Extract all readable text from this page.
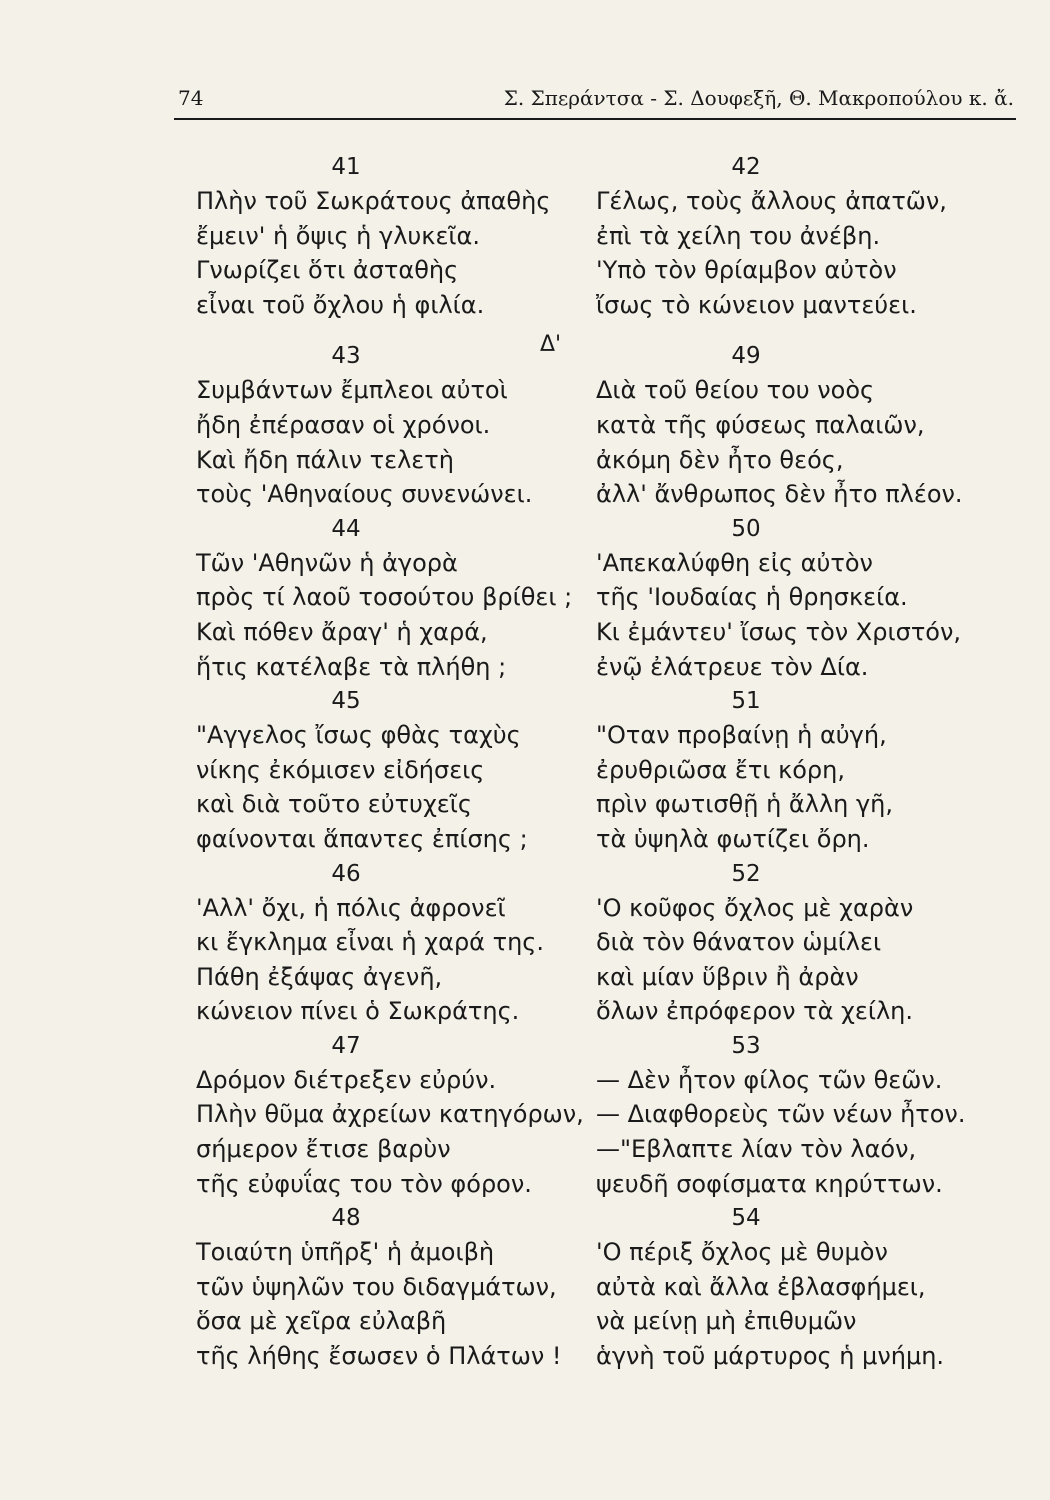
74	Σ. Σπεράντσα - Σ. Δουφεξῆ, Θ. Μακροπούλου κ. ἄ.
Δ'
41
Πλὴν τοῦ Σωκράτους ἀπαθὴς
ἔμειν' ἡ ὄψις ἡ γλυκεῖα.
Γνωρίζει ὅτι ἀσταθὴς
εἶναι τοῦ ὄχλου ἡ φιλία.
43
Συμβάντων ἔμπλεοι αὐτοὶ
ἤδη ἐπέρασαν οἱ χρόνοι.
Καὶ ἤδη πάλιν τελετὴ
τοὺς 'Αθηναίους συνενώνει.
44
Τῶν 'Αθηνῶν ἡ ἀγορὰ
πρὸς τί λαοῦ τοσούτου βρίθει ;
Καὶ πόθεν ἄραγ' ἡ χαρά,
ἥτις κατέλαβε τὰ πλήθη ;
45
"Αγγελος ἴσως φθὰς ταχὺς
νίκης ἐκόμισεν εἰδήσεις
καὶ διὰ τοῦτο εὐτυχεῖς
φαίνονται ἅπαντες ἐπίσης ;
46
'Αλλ' ὄχι, ἡ πόλις ἀφρονεῖ
κι ἔγκλημα εἶναι ἡ χαρά της.
Πάθη ἐξάψας ἀγενῆ,
κώνειον πίνει ὁ Σωκράτης.
47
Δρόμον διέτρεξεν εὐρύν.
Πλὴν θῦμα ἀχρείων κατηγόρων,
σήμερον ἔτισε βαρὺν
τῆς εὐφυΐας του τὸν φόρον.
48
Τοιαύτη ὑπῆρξ' ἡ ἀμοιβὴ
τῶν ὑψηλῶν του διδαγμάτων,
ὅσα μὲ χεῖρα εὐλαβῆ
τῆς λήθης ἔσωσεν ὁ Πλάτων !
42
Γέλως, τοὺς ἄλλους ἀπατῶν,
ἐπὶ τὰ χείλη του ἀνέβη.
'Υπὸ τὸν θρίαμβον αὐτὸν
ἴσως τὸ κώνειον μαντεύει.
49
Διὰ τοῦ θείου του νοὸς
κατὰ τῆς φύσεως παλαιῶν,
ἀκόμη δὲν ἦτο θεός,
ἀλλ' ἄνθρωπος δὲν ἦτο πλέον.
50
'Απεκαλύφθη εἰς αὐτὸν
τῆς 'Ιουδαίας ἡ θρησκεία.
Κι ἐμάντευ' ἴσως τὸν Χριστόν,
ἐνῷ ἐλάτρευε τὸν Δία.
51
"Οταν προβαίνῃ ἡ αὐγή,
ἐρυθριῶσα ἔτι κόρη,
πρὶν φωτισθῇ ἡ ἄλλη γῆ,
τὰ ὑψηλὰ φωτίζει ὄρη.
52
'Ο κοῦφος ὄχλος μὲ χαρὰν
διὰ τὸν θάνατον ὡμίλει
καὶ μίαν ὕβριν ἢ ἀρὰν
ὅλων ἐπρόφερον τὰ χείλη.
53
— Δὲν ἦτον φίλος τῶν θεῶν.
— Διαφθορεὺς τῶν νέων ἦτον.
—"Εβλαπτε λίαν τὸν λαόν,
ψευδῆ σοφίσματα κηρύττων.
54
'Ο πέριξ ὄχλος μὲ θυμὸν
αὐτὰ καὶ ἄλλα ἐβλασφήμει,
νὰ μείνῃ μὴ ἐπιθυμῶν
ἁγνὴ τοῦ μάρτυρος ἡ μνήμη.
